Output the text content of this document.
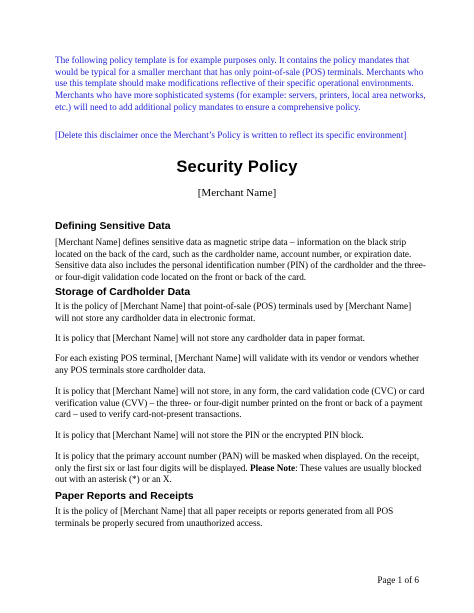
The following policy template is for example purposes only. It contains the policy mandates that would be typical for a smaller merchant that has only point-of-sale (POS) terminals. Merchants who use this template should make modifications reflective of their specific operational environments. Merchants who have more sophisticated systems (for example: servers, printers, local area networks, etc.) will need to add additional policy mandates to ensure a comprehensive policy.

[Delete this disclaimer once the Merchant’s Policy is written to reflect its specific environment]

Security Policy
[Merchant Name]
Defining Sensitive Data

[Merchant Name] defines sensitive data as magnetic stripe data – information on the black strip located on the back of the card, such as the cardholder name, account number, or expiration date. Sensitive data also includes the personal identification number (PIN) of the cardholder and the three- or four-digit validation code located on the front or back of the card.

Storage of Cardholder Data

It is the policy of [Merchant Name] that point-of-sale (POS) terminals used by [Merchant Name] will not store any cardholder data in electronic format.

It is policy that [Merchant Name] will not store any cardholder data in paper format.

For each existing POS terminal, [Merchant Name] will validate with its vendor or vendors whether any POS terminals store cardholder data.

It is policy that [Merchant Name] will not store, in any form, the card validation code (CVC) or card verification value (CVV) – the three- or four-digit number printed on the front or back of a payment card – used to verify card-not-present transactions.

It is policy that [Merchant Name] will not store the PIN or the encrypted PIN block.

It is policy that the primary account number (PAN) will be masked when displayed. On the receipt, only the first six or last four digits will be displayed. Please Note: These values are usually blocked out with an asterisk (*) or an X.

Paper Reports and Receipts

It is the policy of [Merchant Name] that all paper receipts or reports generated from all POS terminals be properly secured from unauthorized access.

Page 1 of 6
